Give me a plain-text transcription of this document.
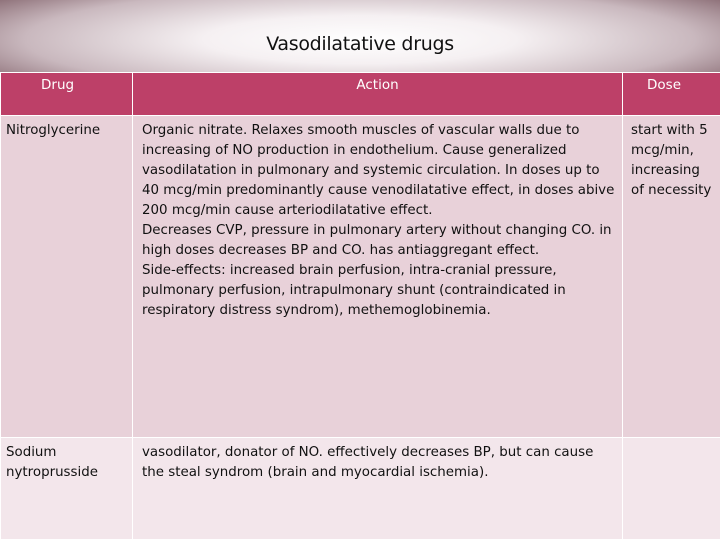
Vasodilatative drugs
Drug	Action	Dose
Nitroglycerine	Organic nitrate. Relaxes smooth muscles of vascular walls due to increasing of NO production in endothelium. Cause generalized vasodilatation in pulmonary and systemic circulation. In doses up to 40 mcg/min predominantly cause venodilatative effect, in doses abive 200 mcg/min cause arteriodilatative effect.
Decreases CVP, pressure in pulmonary artery without changing CO. in high doses decreases BP and CO. has antiaggregant effect.
Side-effects: increased brain perfusion, intra-cranial pressure, pulmonary perfusion, intrapulmonary shunt (contraindicated in respiratory distress syndrom), methemoglobinemia.	start with 5 mcg/min, increasing of necessity
Sodium nytroprusside	vasodilator, donator of NO. effectively decreases BP, but can cause the steal syndrom (brain and myocardial ischemia).	
